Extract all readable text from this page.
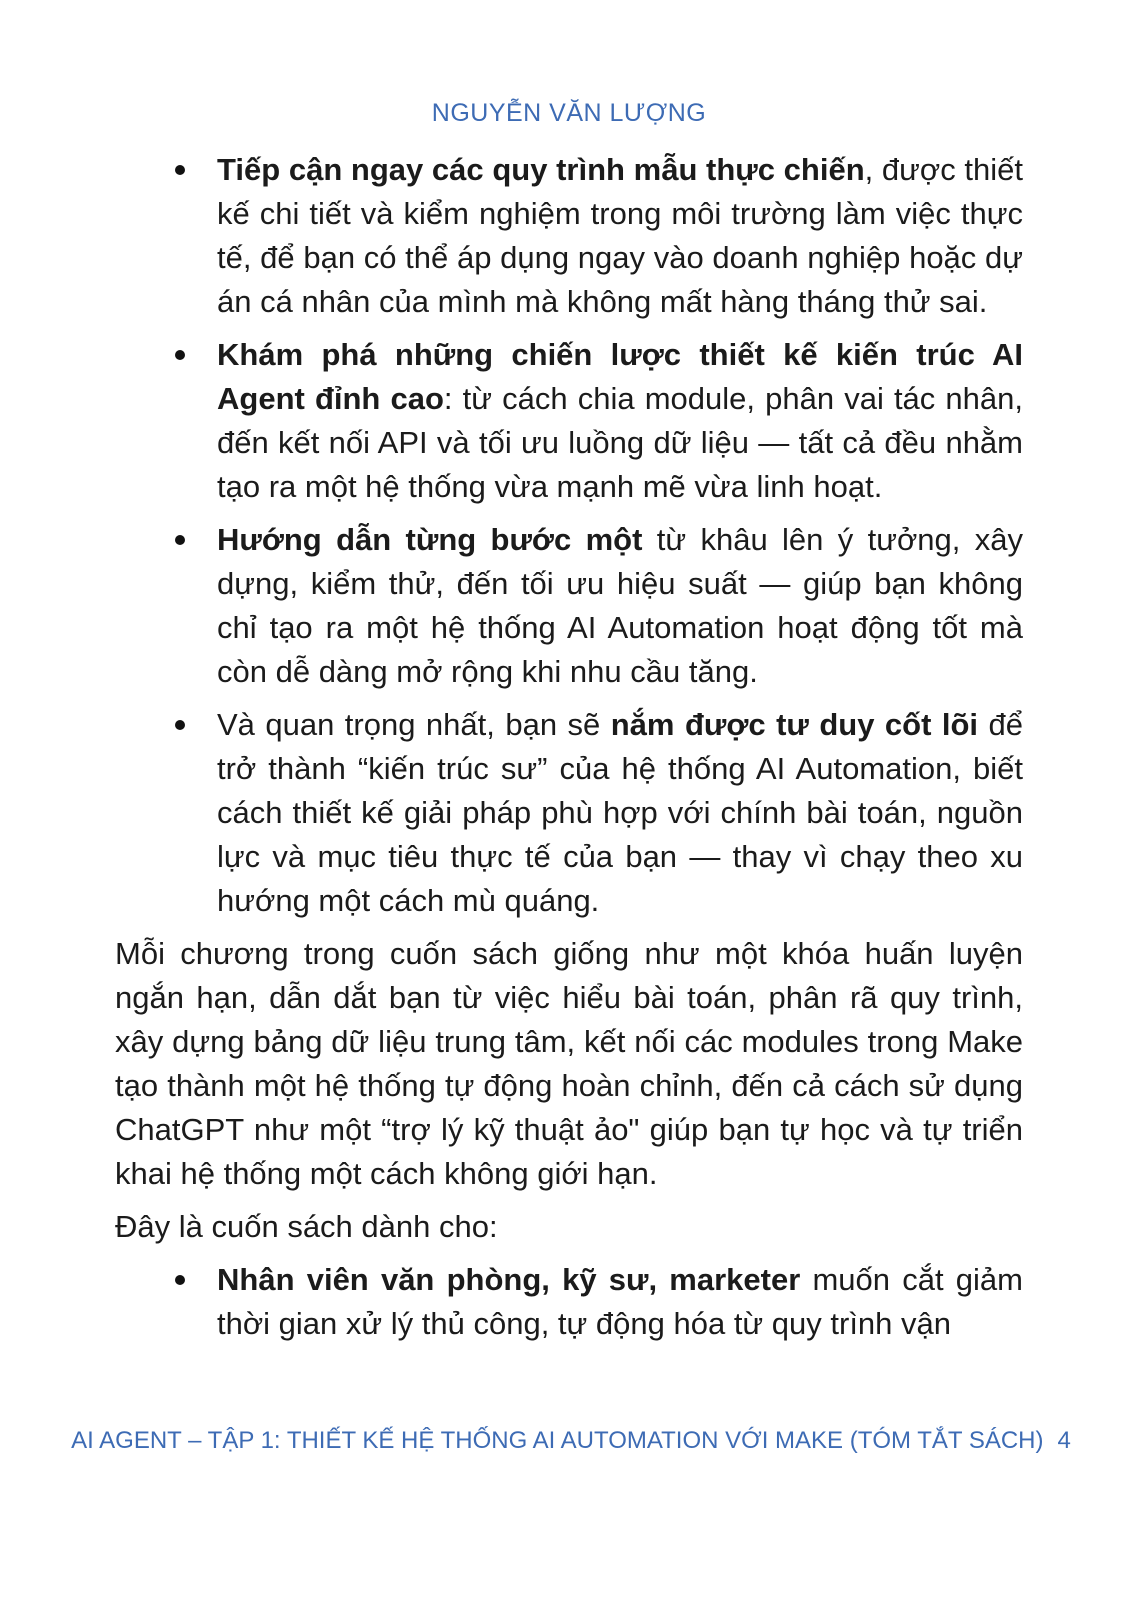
NGUYỄN VĂN LƯỢNG
Tiếp cận ngay các quy trình mẫu thực chiến, được thiết kế chi tiết và kiểm nghiệm trong môi trường làm việc thực tế, để bạn có thể áp dụng ngay vào doanh nghiệp hoặc dự án cá nhân của mình mà không mất hàng tháng thử sai.
Khám phá những chiến lược thiết kế kiến trúc AI Agent đỉnh cao: từ cách chia module, phân vai tác nhân, đến kết nối API và tối ưu luồng dữ liệu — tất cả đều nhằm tạo ra một hệ thống vừa mạnh mẽ vừa linh hoạt.
Hướng dẫn từng bước một từ khâu lên ý tưởng, xây dựng, kiểm thử, đến tối ưu hiệu suất — giúp bạn không chỉ tạo ra một hệ thống AI Automation hoạt động tốt mà còn dễ dàng mở rộng khi nhu cầu tăng.
Và quan trọng nhất, bạn sẽ nắm được tư duy cốt lõi để trở thành “kiến trúc sư” của hệ thống AI Automation, biết cách thiết kế giải pháp phù hợp với chính bài toán, nguồn lực và mục tiêu thực tế của bạn — thay vì chạy theo xu hướng một cách mù quáng.

Mỗi chương trong cuốn sách giống như một khóa huấn luyện ngắn hạn, dẫn dắt bạn từ việc hiểu bài toán, phân rã quy trình, xây dựng bảng dữ liệu trung tâm, kết nối các modules trong Make tạo thành một hệ thống tự động hoàn chỉnh, đến cả cách sử dụng ChatGPT như một “trợ lý kỹ thuật ảo" giúp bạn tự học và tự triển khai hệ thống một cách không giới hạn.

Đây là cuốn sách dành cho:

Nhân viên văn phòng, kỹ sư, marketer muốn cắt giảm thời gian xử lý thủ công, tự động hóa từ quy trình vận
AI AGENT – TẬP 1: THIẾT KẾ HỆ THỐNG AI AUTOMATION VỚI MAKE (TÓM TẮT SÁCH) 4
